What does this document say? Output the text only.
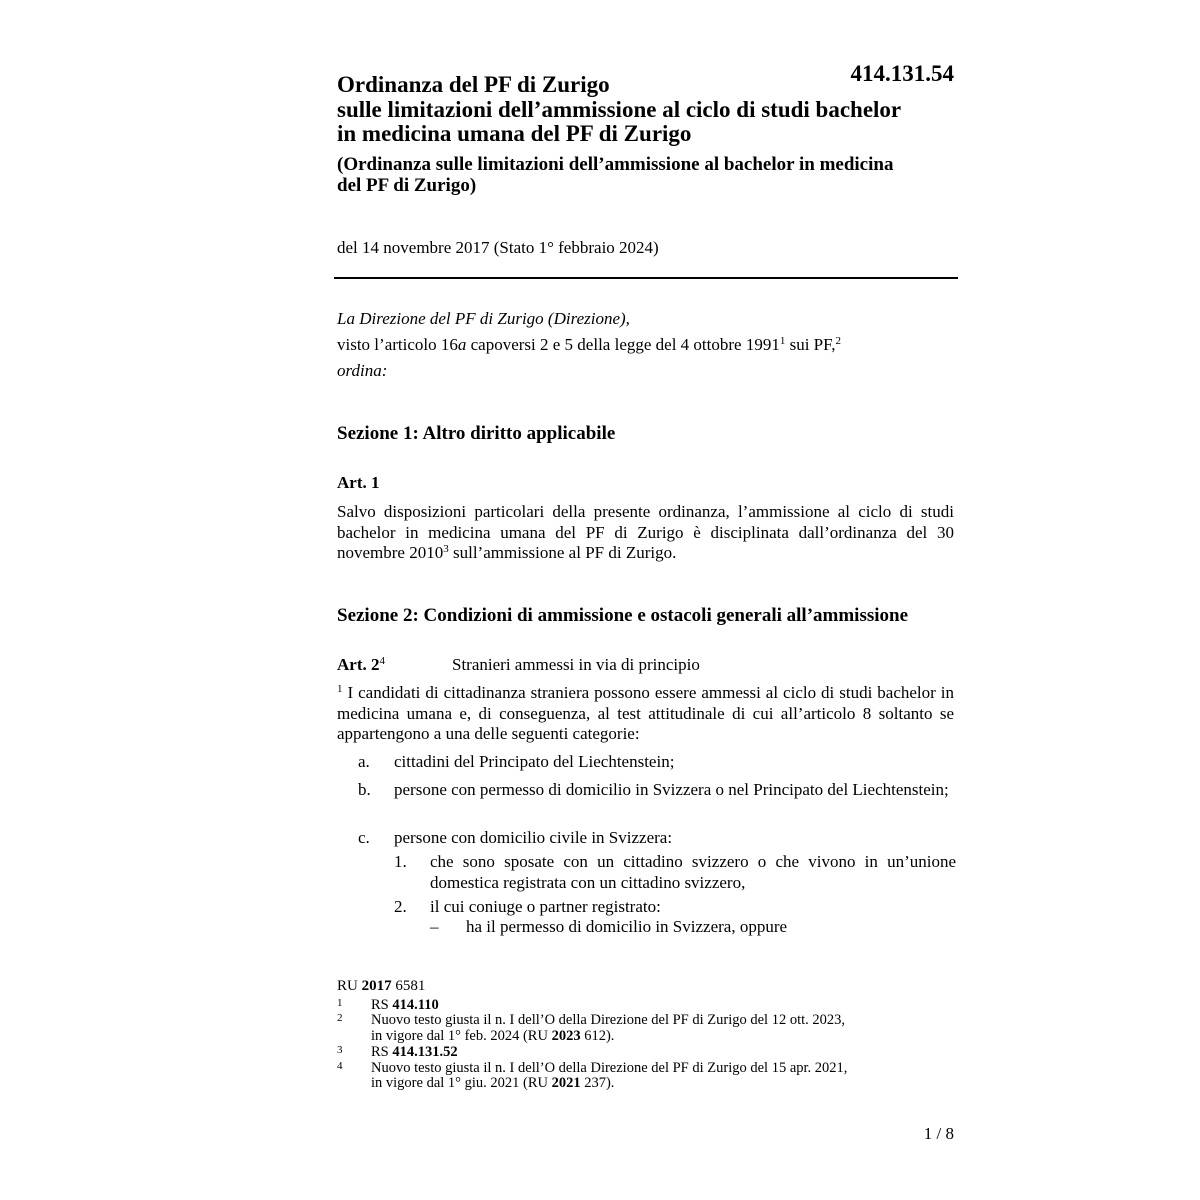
414.131.54
Ordinanza del PF di Zurigo
sulle limitazioni dell’ammissione al ciclo di studi bachelor
in medicina umana del PF di Zurigo
(Ordinanza sulle limitazioni dell’ammissione al bachelor in medicina
del PF di Zurigo)
del 14 novembre 2017 (Stato 1° febbraio 2024)

La Direzione del PF di Zurigo (Direzione),

visto l’articolo 16a capoversi 2 e 5 della legge del 4 ottobre 1991$^1$ sui PF,$^2$

ordina:

Sezione 1: Altro diritto applicabile
Art. 1
Salvo disposizioni particolari della presente ordinanza, l’ammissione al ciclo di studi bachelor in medicina umana del PF di Zurigo è disciplinata dall’ordinanza del 30 novembre 2010$^3$ sull’ammissione al PF di Zurigo.
Sezione 2: Condizioni di ammissione e ostacoli generali all’ammissione
Art. $2^4$	Stranieri ammessi in via di principio
$^1$ I candidati di cittadinanza straniera possono essere ammessi al ciclo di studi bachelor in medicina umana e, di conseguenza, al test attitudinale di cui all’articolo 8 soltanto se appartengono a una delle seguenti categorie:
a.	cittadini del Principato del Liechtenstein;
b.	persone con permesso di domicilio in Svizzera o nel Principato del Liechtenstein;
c.	persone con domicilio civile in Svizzera:
1.	che sono sposate con un cittadino svizzero o che vivono in un’unione domestica registrata con un cittadino svizzero,
2.	il cui coniuge o partner registrato:
–	ha il permesso di domicilio in Svizzera, oppure
RU 2017 6581
1	RS 414.110
2	Nuovo testo giusta il n. I dell’O della Direzione del PF di Zurigo del 12 ott. 2023,
in vigore dal 1° feb. 2024 (RU 2023 612).
3	RS 414.131.52
4	Nuovo testo giusta il n. I dell’O della Direzione del PF di Zurigo del 15 apr. 2021,
in vigore dal 1° giu. 2021 (RU 2021 237).
1 / 8
